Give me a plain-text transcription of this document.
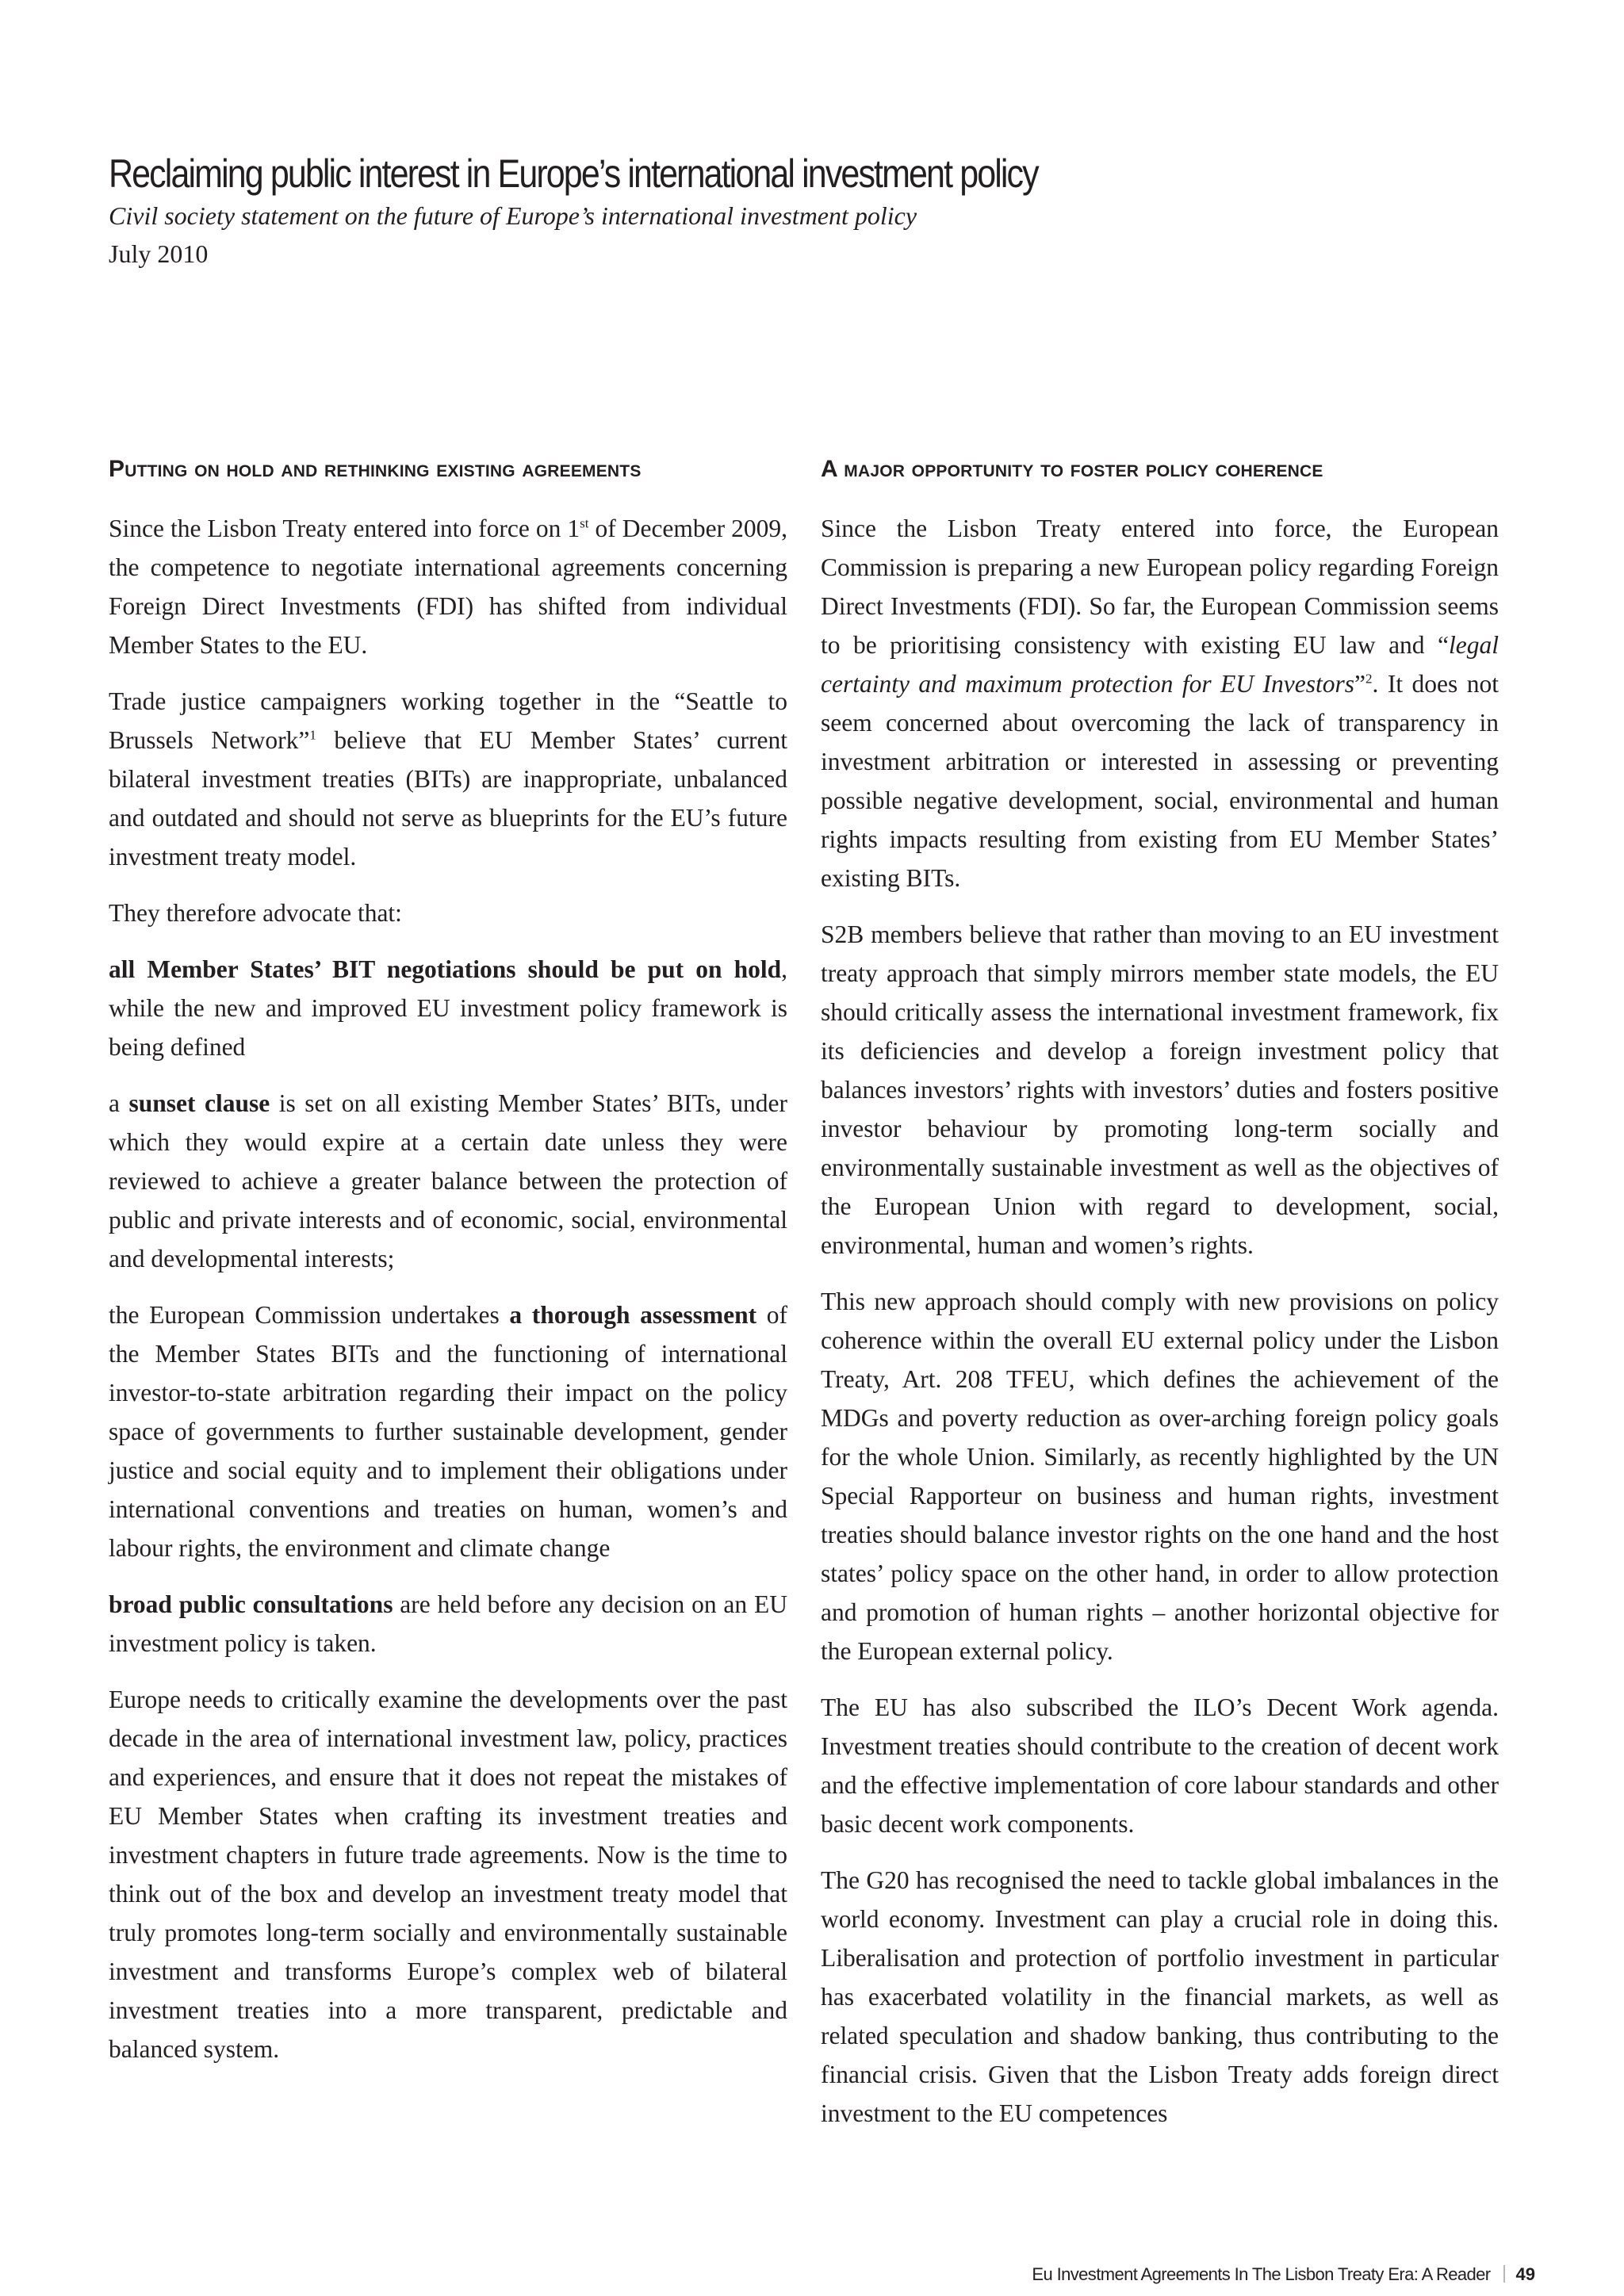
Reclaiming public interest in Europe’s international investment policy

Civil society statement on the future of Europe’s international investment policy

July 2010

Putting on hold and rethinking existing agreements

Since the Lisbon Treaty entered into force on 1st of December 2009, the competence to negotiate international agreements concerning Foreign Direct Investments (FDI) has shifted from individual Member States to the EU.

Trade justice campaigners working together in the “Seattle to Brussels Network”$^1$ believe that EU Member States’ current bilateral investment treaties (BITs) are inappropriate, unbalanced and outdated and should not serve as blueprints for the EU’s future investment treaty model.

They therefore advocate that:

all Member States’ BIT negotiations should be put on hold, while the new and improved EU investment policy framework is being defined

a sunset clause is set on all existing Member States’ BITs, under which they would expire at a certain date unless they were reviewed to achieve a greater balance between the protection of public and private interests and of economic, social, environmental and developmental interests;

the European Commission undertakes a thorough assessment of the Member States BITs and the functioning of international investor-to-state arbitration regarding their impact on the policy space of governments to further sustainable development, gender justice and social equity and to implement their obligations under international conventions and treaties on human, women’s and labour rights, the environment and climate change

broad public consultations are held before any decision on an EU investment policy is taken.

Europe needs to critically examine the developments over the past decade in the area of international investment law, policy, practices and experiences, and ensure that it does not repeat the mistakes of EU Member States when crafting its investment treaties and investment chapters in future trade agreements. Now is the time to think out of the box and develop an investment treaty model that truly promotes long-term socially and environmentally sustainable investment and transforms Europe’s complex web of bilateral investment treaties into a more transparent, predictable and balanced system.

A major opportunity to foster policy coherence

Since the Lisbon Treaty entered into force, the European Commission is preparing a new European policy regarding Foreign Direct Investments (FDI). So far, the European Commission seems to be prioritising consistency with existing EU law and “legal certainty and maximum protection for EU Investors”$^2$. It does not seem concerned about overcoming the lack of transparency in investment arbitration or interested in assessing or preventing possible negative development, social, environmental and human rights impacts resulting from existing from EU Member States’ existing BITs.

S2B members believe that rather than moving to an EU investment treaty approach that simply mirrors member state models, the EU should critically assess the international investment framework, fix its deficiencies and develop a foreign investment policy that balances investors’ rights with investors’ duties and fosters positive investor behaviour by promoting long-term socially and environmentally sustainable investment as well as the objectives of the European Union with regard to development, social, environmental, human and women’s rights.

This new approach should comply with new provisions on policy coherence within the overall EU external policy under the Lisbon Treaty, Art. 208 TFEU, which defines the achievement of the MDGs and poverty reduction as over-arching foreign policy goals for the whole Union. Similarly, as recently highlighted by the UN Special Rapporteur on business and human rights, investment treaties should balance investor rights on the one hand and the host states’ policy space on the other hand, in order to allow protection and promotion of human rights – another horizontal objective for the European external policy.

The EU has also subscribed the ILO’s Decent Work agenda. Investment treaties should contribute to the creation of decent work and the effective implementation of core labour standards and other basic decent work components.

The G20 has recognised the need to tackle global imbalances in the world economy. Investment can play a crucial role in doing this. Liberalisation and protection of portfolio investment in particular has exacerbated volatility in the financial markets, as well as related speculation and shadow banking, thus contributing to the financial crisis. Given that the Lisbon Treaty adds foreign direct investment to the EU competences

Eu Investment Agreements In The Lisbon Treaty Era: A Reader 49
